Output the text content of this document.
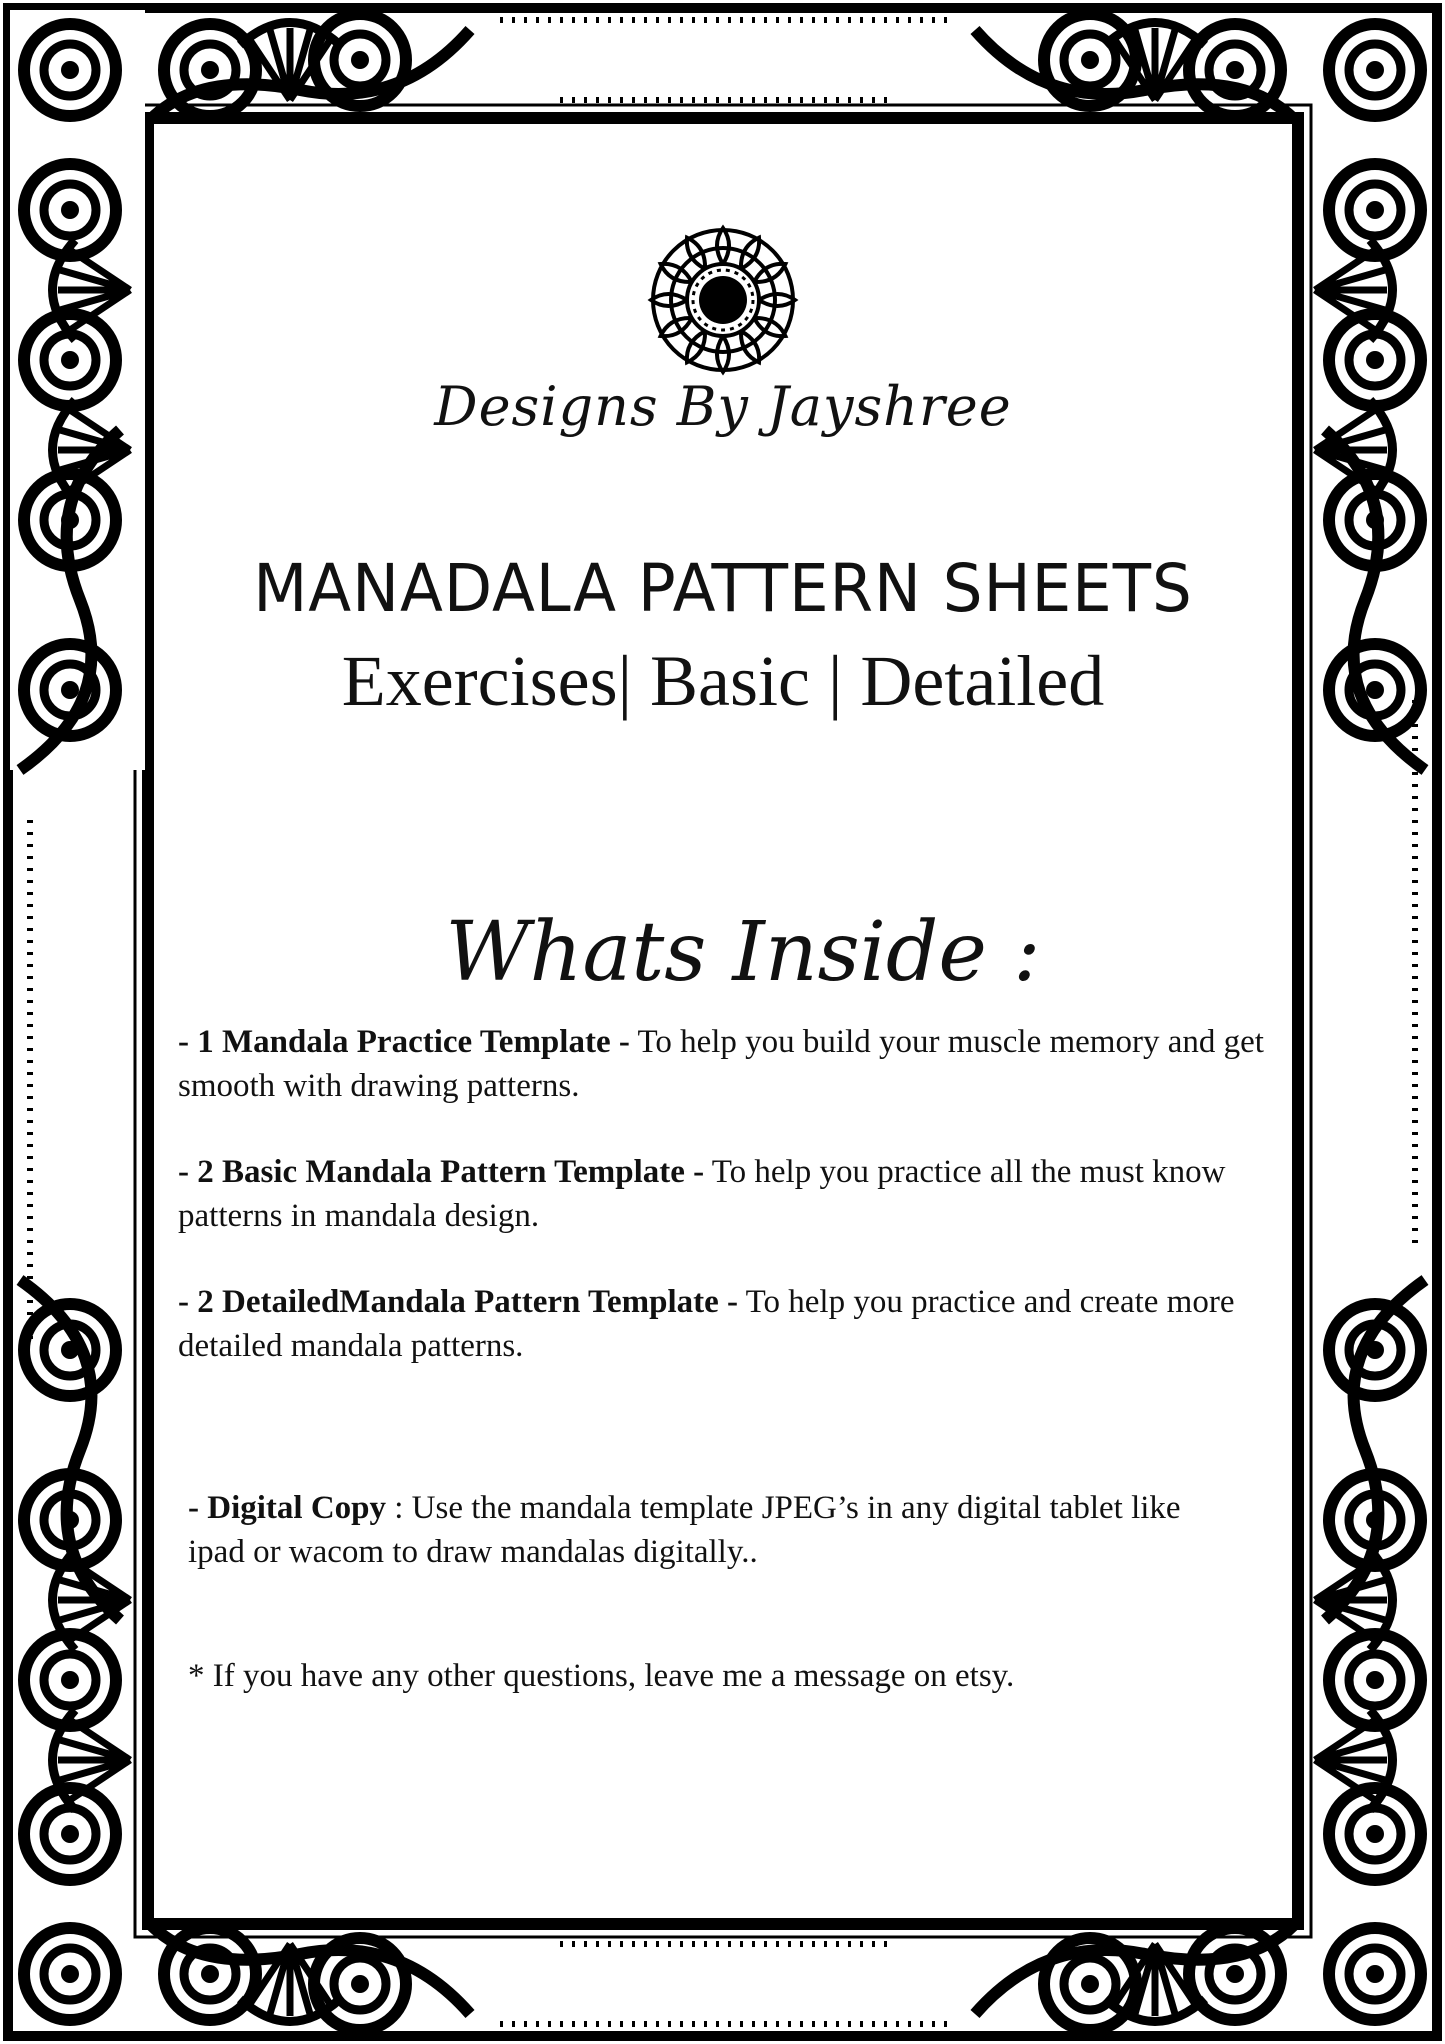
Designs By Jayshree
MANADALA PATTERN SHEETS
Exercises| Basic | Detailed
Whats Inside :
- 1 Mandala Practice Template - To help you build your muscle memory and get smooth with drawing patterns.
- 2 Basic Mandala Pattern Template - To help you practice all the must know patterns in mandala design.
- 2 DetailedMandala Pattern Template - To help you practice and create more detailed mandala patterns.
- Digital Copy : Use the mandala template JPEG’s in any digital tablet like ipad or wacom to draw mandalas digitally..
* If you have any other questions, leave me a message on etsy.
